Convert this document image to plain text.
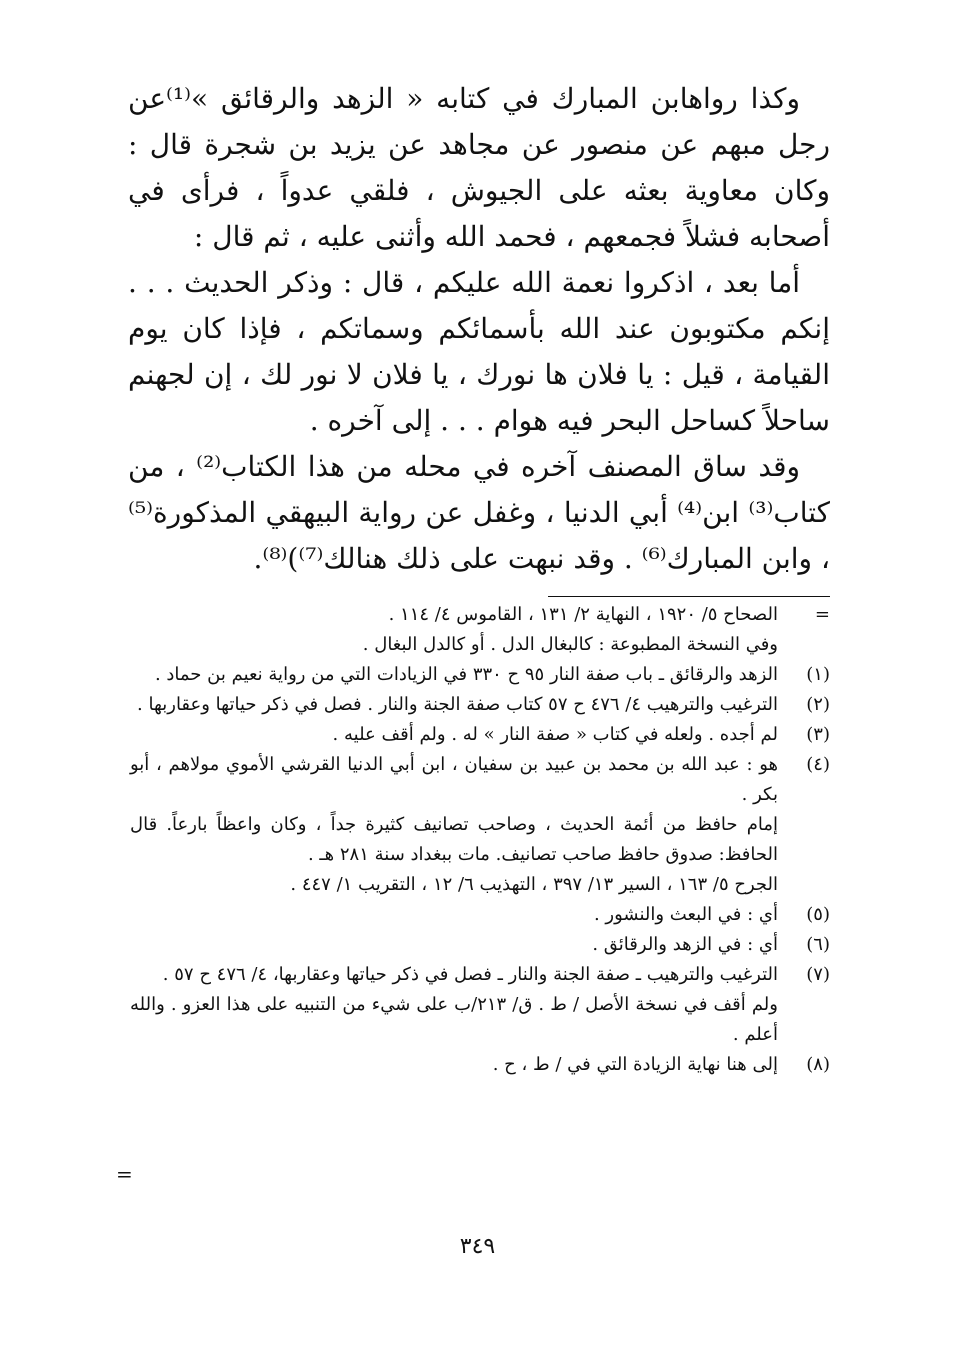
وكذا رواهابن المبارك في كتابه « الزهد والرقائق »⁽¹⁾عن رجل مبهم عن منصور عن مجاهد عن يزيد بن شجرة قال : وكان معاوية بعثه على الجيوش ، فلقي عدواً ، فرأى في أصحابه فشلاً فجمعهم ، فحمد الله وأثنى عليه ، ثم قال :

أما بعد ، اذكروا نعمة الله عليكم ، قال : وذكر الحديث . . . إنكم مكتوبون عند الله بأسمائكم وسماتكم ، فإذا كان يوم القيامة ، قيل : يا فلان ها نورك ، يا فلان لا نور لك ، إن لجهنم ساحلاً كساحل البحر فيه هوام . . . إلى آخره .

وقد ساق المصنف آخره في محله من هذا الكتاب⁽²⁾ ، من كتاب⁽³⁾ ابن⁽⁴⁾ أبي الدنيا ، وغفل عن رواية البيهقي المذكورة⁽⁵⁾ ، وابن المبارك⁽⁶⁾ . وقد نبهت على ذلك هنالك⁽⁷⁾)⁽⁸⁾.

=

الصحاح ٥/ ١٩٢٠ ، النهاية ٢/ ١٣١ ، القاموس ٤/ ١١٤ .

وفي النسخة المطبوعة : كالبغال الدل . أو كالدل البغال .

(١)

الزهد والرقائق ـ باب صفة النار ٩٥ ح ٣٣٠ في الزيادات التي من رواية نعيم بن حماد .

(٢)

الترغيب والترهيب ٤/ ٤٧٦ ح ٥٧ كتاب صفة الجنة والنار . فصل في ذكر حياتها وعقاربها .

(٣)

لم أجده . ولعله في كتاب « صفة النار » له . ولم أقف عليه .

(٤)

هو : عبد الله بن محمد بن عبيد بن سفيان ، ابن أبي الدنيا القرشي الأموي مولاهم ، أبو بكر .

إمام حافظ من أئمة الحديث ، وصاحب تصانيف كثيرة جداً ، وكان واعظاً بارعاً. قال الحافظ: صدوق حافظ صاحب تصانيف. مات ببغداد سنة ٢٨١ هـ .

الجرح ٥/ ١٦٣ ، السير ١٣/ ٣٩٧ ، التهذيب ٦/ ١٢ ، التقريب ١/ ٤٤٧ .

(٥)

أي : في البعث والنشور .

(٦)

أي : في الزهد والرقائق .

(٧)

الترغيب والترهيب ـ صفة الجنة والنار ـ فصل في ذكر حياتها وعقاربها، ٤/ ٤٧٦ ح ٥٧ .

ولم أقف في نسخة الأصل / ط . ق/ ٢١٣/ب على شيء من التنبيه على هذا العزو . والله أعلم .

(٨)

إلى هنا نهاية الزيادة التي في / ط ، ح .

=
٣٤٩
